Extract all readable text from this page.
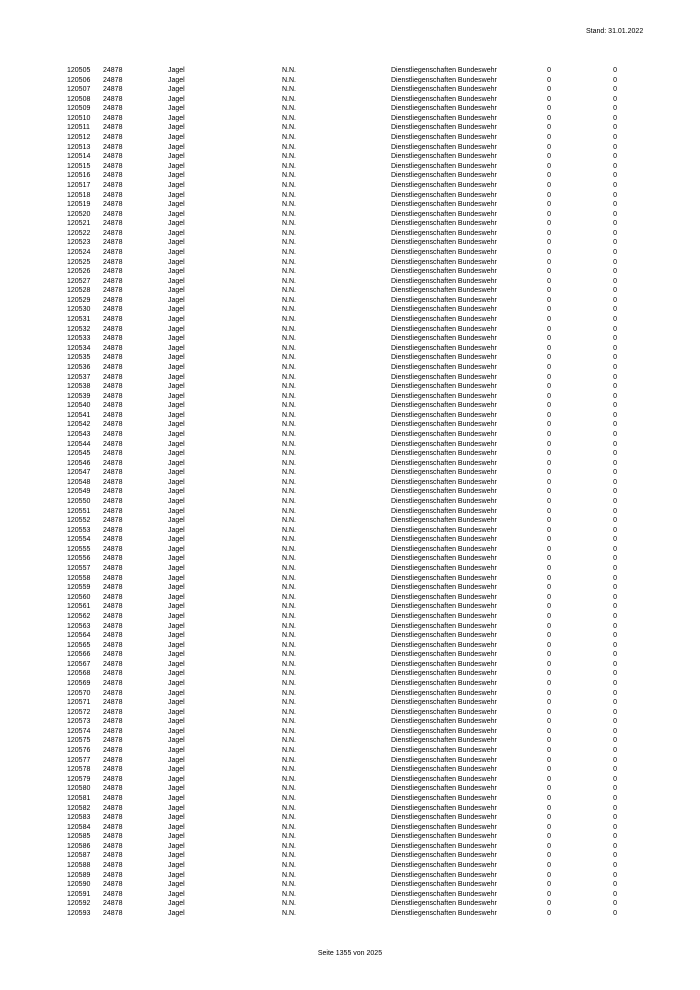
Stand: 31.01.2022
120505	24878	Jagel	N.N.	Dienstliegenschaften Bundeswehr	0	0
120506	24878	Jagel	N.N.	Dienstliegenschaften Bundeswehr	0	0
120507	24878	Jagel	N.N.	Dienstliegenschaften Bundeswehr	0	0
120508	24878	Jagel	N.N.	Dienstliegenschaften Bundeswehr	0	0
120509	24878	Jagel	N.N.	Dienstliegenschaften Bundeswehr	0	0
120510	24878	Jagel	N.N.	Dienstliegenschaften Bundeswehr	0	0
120511	24878	Jagel	N.N.	Dienstliegenschaften Bundeswehr	0	0
120512	24878	Jagel	N.N.	Dienstliegenschaften Bundeswehr	0	0
120513	24878	Jagel	N.N.	Dienstliegenschaften Bundeswehr	0	0
120514	24878	Jagel	N.N.	Dienstliegenschaften Bundeswehr	0	0
120515	24878	Jagel	N.N.	Dienstliegenschaften Bundeswehr	0	0
120516	24878	Jagel	N.N.	Dienstliegenschaften Bundeswehr	0	0
120517	24878	Jagel	N.N.	Dienstliegenschaften Bundeswehr	0	0
120518	24878	Jagel	N.N.	Dienstliegenschaften Bundeswehr	0	0
120519	24878	Jagel	N.N.	Dienstliegenschaften Bundeswehr	0	0
120520	24878	Jagel	N.N.	Dienstliegenschaften Bundeswehr	0	0
120521	24878	Jagel	N.N.	Dienstliegenschaften Bundeswehr	0	0
120522	24878	Jagel	N.N.	Dienstliegenschaften Bundeswehr	0	0
120523	24878	Jagel	N.N.	Dienstliegenschaften Bundeswehr	0	0
120524	24878	Jagel	N.N.	Dienstliegenschaften Bundeswehr	0	0
120525	24878	Jagel	N.N.	Dienstliegenschaften Bundeswehr	0	0
120526	24878	Jagel	N.N.	Dienstliegenschaften Bundeswehr	0	0
120527	24878	Jagel	N.N.	Dienstliegenschaften Bundeswehr	0	0
120528	24878	Jagel	N.N.	Dienstliegenschaften Bundeswehr	0	0
120529	24878	Jagel	N.N.	Dienstliegenschaften Bundeswehr	0	0
120530	24878	Jagel	N.N.	Dienstliegenschaften Bundeswehr	0	0
120531	24878	Jagel	N.N.	Dienstliegenschaften Bundeswehr	0	0
120532	24878	Jagel	N.N.	Dienstliegenschaften Bundeswehr	0	0
120533	24878	Jagel	N.N.	Dienstliegenschaften Bundeswehr	0	0
120534	24878	Jagel	N.N.	Dienstliegenschaften Bundeswehr	0	0
120535	24878	Jagel	N.N.	Dienstliegenschaften Bundeswehr	0	0
120536	24878	Jagel	N.N.	Dienstliegenschaften Bundeswehr	0	0
120537	24878	Jagel	N.N.	Dienstliegenschaften Bundeswehr	0	0
120538	24878	Jagel	N.N.	Dienstliegenschaften Bundeswehr	0	0
120539	24878	Jagel	N.N.	Dienstliegenschaften Bundeswehr	0	0
120540	24878	Jagel	N.N.	Dienstliegenschaften Bundeswehr	0	0
120541	24878	Jagel	N.N.	Dienstliegenschaften Bundeswehr	0	0
120542	24878	Jagel	N.N.	Dienstliegenschaften Bundeswehr	0	0
120543	24878	Jagel	N.N.	Dienstliegenschaften Bundeswehr	0	0
120544	24878	Jagel	N.N.	Dienstliegenschaften Bundeswehr	0	0
120545	24878	Jagel	N.N.	Dienstliegenschaften Bundeswehr	0	0
120546	24878	Jagel	N.N.	Dienstliegenschaften Bundeswehr	0	0
120547	24878	Jagel	N.N.	Dienstliegenschaften Bundeswehr	0	0
120548	24878	Jagel	N.N.	Dienstliegenschaften Bundeswehr	0	0
120549	24878	Jagel	N.N.	Dienstliegenschaften Bundeswehr	0	0
120550	24878	Jagel	N.N.	Dienstliegenschaften Bundeswehr	0	0
120551	24878	Jagel	N.N.	Dienstliegenschaften Bundeswehr	0	0
120552	24878	Jagel	N.N.	Dienstliegenschaften Bundeswehr	0	0
120553	24878	Jagel	N.N.	Dienstliegenschaften Bundeswehr	0	0
120554	24878	Jagel	N.N.	Dienstliegenschaften Bundeswehr	0	0
120555	24878	Jagel	N.N.	Dienstliegenschaften Bundeswehr	0	0
120556	24878	Jagel	N.N.	Dienstliegenschaften Bundeswehr	0	0
120557	24878	Jagel	N.N.	Dienstliegenschaften Bundeswehr	0	0
120558	24878	Jagel	N.N.	Dienstliegenschaften Bundeswehr	0	0
120559	24878	Jagel	N.N.	Dienstliegenschaften Bundeswehr	0	0
120560	24878	Jagel	N.N.	Dienstliegenschaften Bundeswehr	0	0
120561	24878	Jagel	N.N.	Dienstliegenschaften Bundeswehr	0	0
120562	24878	Jagel	N.N.	Dienstliegenschaften Bundeswehr	0	0
120563	24878	Jagel	N.N.	Dienstliegenschaften Bundeswehr	0	0
120564	24878	Jagel	N.N.	Dienstliegenschaften Bundeswehr	0	0
120565	24878	Jagel	N.N.	Dienstliegenschaften Bundeswehr	0	0
120566	24878	Jagel	N.N.	Dienstliegenschaften Bundeswehr	0	0
120567	24878	Jagel	N.N.	Dienstliegenschaften Bundeswehr	0	0
120568	24878	Jagel	N.N.	Dienstliegenschaften Bundeswehr	0	0
120569	24878	Jagel	N.N.	Dienstliegenschaften Bundeswehr	0	0
120570	24878	Jagel	N.N.	Dienstliegenschaften Bundeswehr	0	0
120571	24878	Jagel	N.N.	Dienstliegenschaften Bundeswehr	0	0
120572	24878	Jagel	N.N.	Dienstliegenschaften Bundeswehr	0	0
120573	24878	Jagel	N.N.	Dienstliegenschaften Bundeswehr	0	0
120574	24878	Jagel	N.N.	Dienstliegenschaften Bundeswehr	0	0
120575	24878	Jagel	N.N.	Dienstliegenschaften Bundeswehr	0	0
120576	24878	Jagel	N.N.	Dienstliegenschaften Bundeswehr	0	0
120577	24878	Jagel	N.N.	Dienstliegenschaften Bundeswehr	0	0
120578	24878	Jagel	N.N.	Dienstliegenschaften Bundeswehr	0	0
120579	24878	Jagel	N.N.	Dienstliegenschaften Bundeswehr	0	0
120580	24878	Jagel	N.N.	Dienstliegenschaften Bundeswehr	0	0
120581	24878	Jagel	N.N.	Dienstliegenschaften Bundeswehr	0	0
120582	24878	Jagel	N.N.	Dienstliegenschaften Bundeswehr	0	0
120583	24878	Jagel	N.N.	Dienstliegenschaften Bundeswehr	0	0
120584	24878	Jagel	N.N.	Dienstliegenschaften Bundeswehr	0	0
120585	24878	Jagel	N.N.	Dienstliegenschaften Bundeswehr	0	0
120586	24878	Jagel	N.N.	Dienstliegenschaften Bundeswehr	0	0
120587	24878	Jagel	N.N.	Dienstliegenschaften Bundeswehr	0	0
120588	24878	Jagel	N.N.	Dienstliegenschaften Bundeswehr	0	0
120589	24878	Jagel	N.N.	Dienstliegenschaften Bundeswehr	0	0
120590	24878	Jagel	N.N.	Dienstliegenschaften Bundeswehr	0	0
120591	24878	Jagel	N.N.	Dienstliegenschaften Bundeswehr	0	0
120592	24878	Jagel	N.N.	Dienstliegenschaften Bundeswehr	0	0
120593	24878	Jagel	N.N.	Dienstliegenschaften Bundeswehr	0	0
Seite 1355 von 2025
